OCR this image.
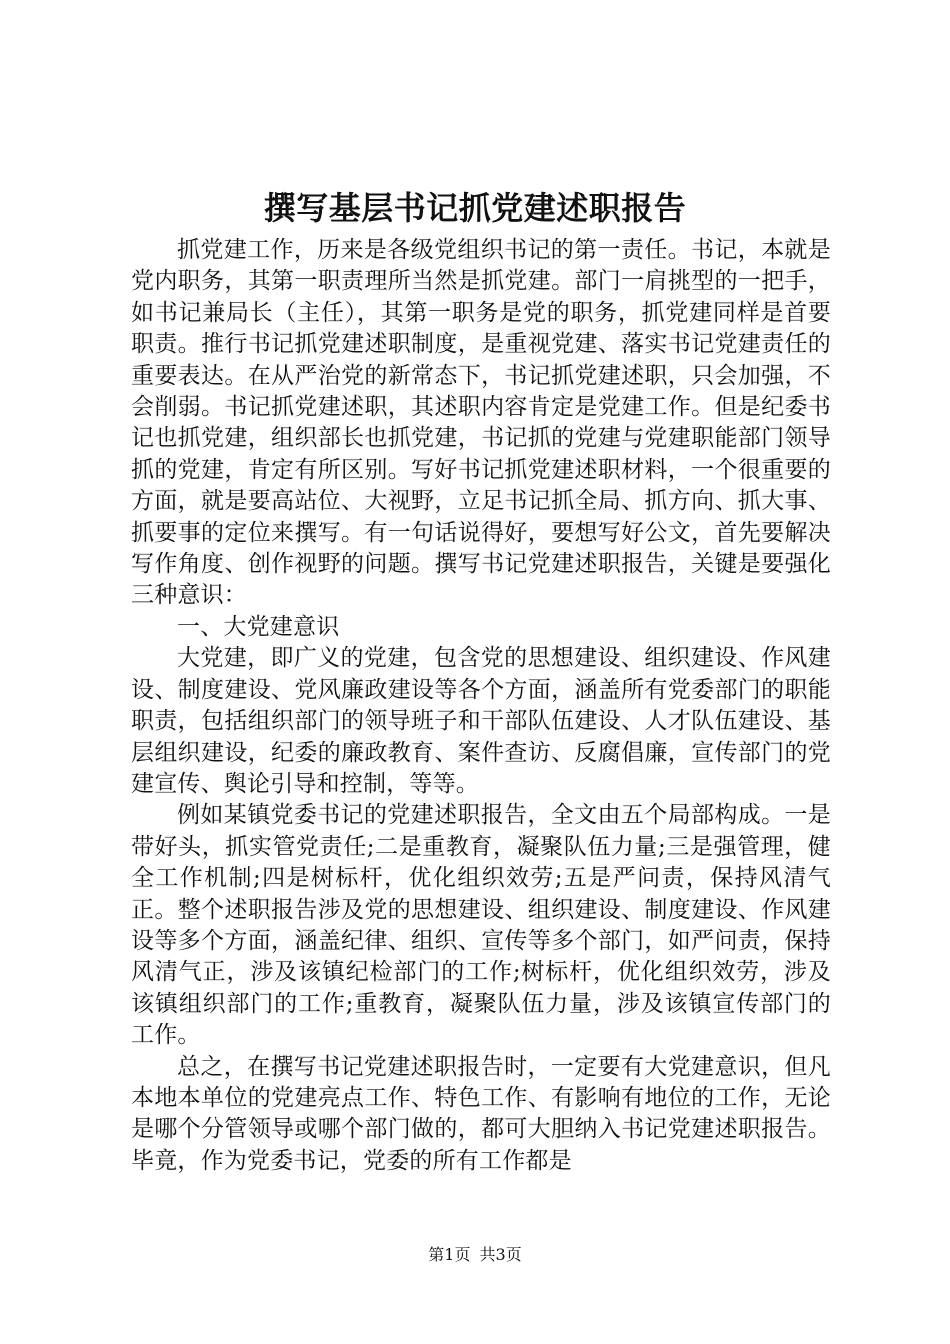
撰写基层书记抓党建述职报告

抓党建工作，历来是各级党组织书记的第一责任。书记，本就是党内职务，其第一职责理所当然是抓党建。部门一肩挑型的一把手，如书记兼局长（主任），其第一职务是党的职务，抓党建同样是首要职责。推行书记抓党建述职制度，是重视党建、落实书记党建责任的重要表达。在从严治党的新常态下，书记抓党建述职，只会加强，不会削弱。书记抓党建述职，其述职内容肯定是党建工作。但是纪委书记也抓党建，组织部长也抓党建，书记抓的党建与党建职能部门领导抓的党建，肯定有所区别。写好书记抓党建述职材料，一个很重要的方面，就是要高站位、大视野，立足书记抓全局、抓方向、抓大事、抓要事的定位来撰写。有一句话说得好，要想写好公文，首先要解决写作角度、创作视野的问题。撰写书记党建述职报告，关键是要强化三种意识：

一、大党建意识

大党建，即广义的党建，包含党的思想建设、组织建设、作风建设、制度建设、党风廉政建设等各个方面，涵盖所有党委部门的职能职责，包括组织部门的领导班子和干部队伍建设、人才队伍建设、基层组织建设，纪委的廉政教育、案件查访、反腐倡廉，宣传部门的党建宣传、舆论引导和控制，等等。

例如某镇党委书记的党建述职报告，全文由五个局部构成。一是带好头，抓实管党责任;二是重教育，凝聚队伍力量;三是强管理，健全工作机制;四是树标杆，优化组织效劳;五是严问责，保持风清气正。整个述职报告涉及党的思想建设、组织建设、制度建设、作风建设等多个方面，涵盖纪律、组织、宣传等多个部门，如严问责，保持风清气正，涉及该镇纪检部门的工作;树标杆，优化组织效劳，涉及该镇组织部门的工作;重教育，凝聚队伍力量，涉及该镇宣传部门的工作。

总之，在撰写书记党建述职报告时，一定要有大党建意识，但凡本地本单位的党建亮点工作、特色工作、有影响有地位的工作，无论是哪个分管领导或哪个部门做的，都可大胆纳入书记党建述职报告。毕竟，作为党委书记，党委的所有工作都是

第1页 共3页
